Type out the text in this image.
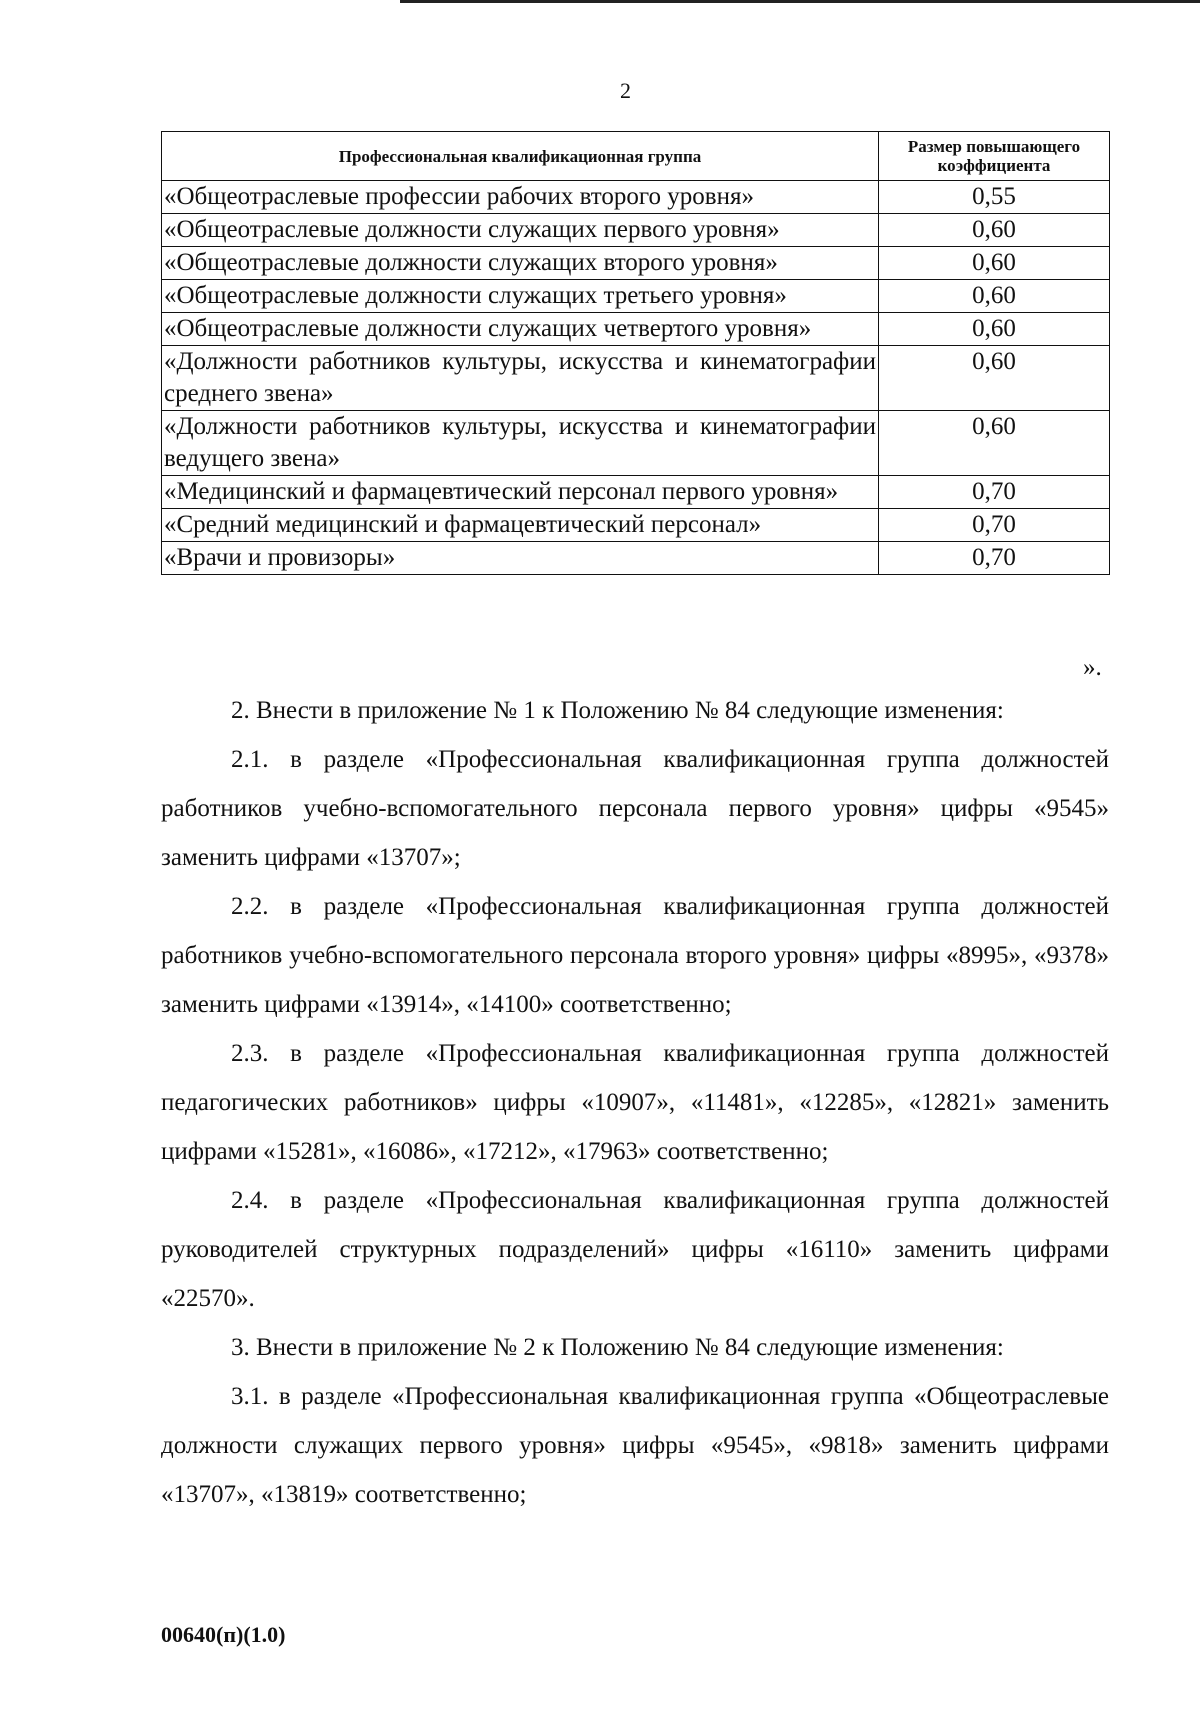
2
Профессиональная квалификационная группа	Размер повышающего коэффициента
«Общеотраслевые профессии рабочих второго уровня»	0,55
«Общеотраслевые должности служащих первого уровня»	0,60
«Общеотраслевые должности служащих второго уровня»	0,60
«Общеотраслевые должности служащих третьего уровня»	0,60
«Общеотраслевые должности служащих четвертого уровня»	0,60
«Должности работников культуры, искусства и кинематографии среднего звена»	0,60
«Должности работников культуры, искусства и кинематографии ведущего звена»	0,60
«Медицинский и фармацевтический персонал первого уровня»	0,70
«Средний медицинский и фармацевтический персонал»	0,70
«Врачи и провизоры»	0,70
».

2. Внести в приложение № 1 к Положению № 84 следующие изменения:

2.1. в разделе «Профессиональная квалификационная группа должностей работников учебно-вспомогательного персонала первого уровня» цифры «9545» заменить цифрами «13707»;

2.2. в разделе «Профессиональная квалификационная группа должностей работников учебно-вспомогательного персонала второго уровня» цифры «8995», «9378» заменить цифрами «13914», «14100» соответственно;

2.3. в разделе «Профессиональная квалификационная группа должностей педагогических работников» цифры «10907», «11481», «12285», «12821» заменить цифрами «15281», «16086», «17212», «17963» соответственно;

2.4. в разделе «Профессиональная квалификационная группа должностей руководителей структурных подразделений» цифры «16110» заменить цифрами «22570».

3. Внести в приложение № 2 к Положению № 84 следующие изменения:

3.1. в разделе «Профессиональная квалификационная группа «Общеотраслевые должности служащих первого уровня» цифры «9545», «9818» заменить цифрами «13707», «13819» соответственно;

00640(п)(1.0)
